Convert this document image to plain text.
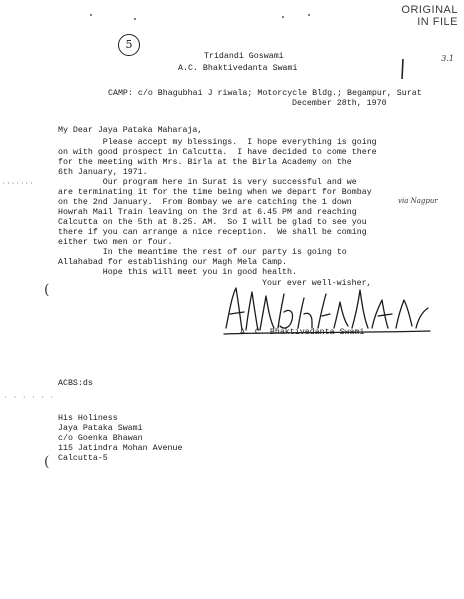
ORIGINAL
IN FILE
3.1
5
Tridandi Goswami
A.C. Bhaktivedanta Swami
CAMP: c/o Bhagubhai J riwala; Motorcycle Bldg.; Begampur, Surat
December 28th, 1970
My Dear Jaya Pataka Maharaja,
Please accept my blessings.  I hope everything is going
on with good prospect in Calcutta.  I have decided to come there
for the meeting with Mrs. Birla at the Birla Academy on the
6th January, 1971.
Our program here in Surat is very successful and we
are terminating it for the time being when we depart for Bombay
on the 2nd January.  From Bombay we are catching the 1 down
Howrah Mail Train leaving on the 3rd at 6.45 PM and reaching
Calcutta on the 5th at 8.25. AM.  So I will be glad to see you
there if you can arrange a nice reception.  We shall be coming
either two men or four.
In the meantime the rest of our party is going to
Allahabad for establishing our Magh Mela Camp.
Hope this will meet you in good health.
via Nagpur
Your ever well-wisher,
A. C. Bhaktivedanta Swami
ACBS:ds
His Holiness
Jaya Pataka Swami
c/o Goenka Bhawan
115 Jatindra Mohan Avenue
Calcutta-5
·······
· · · · · ·
(
(
